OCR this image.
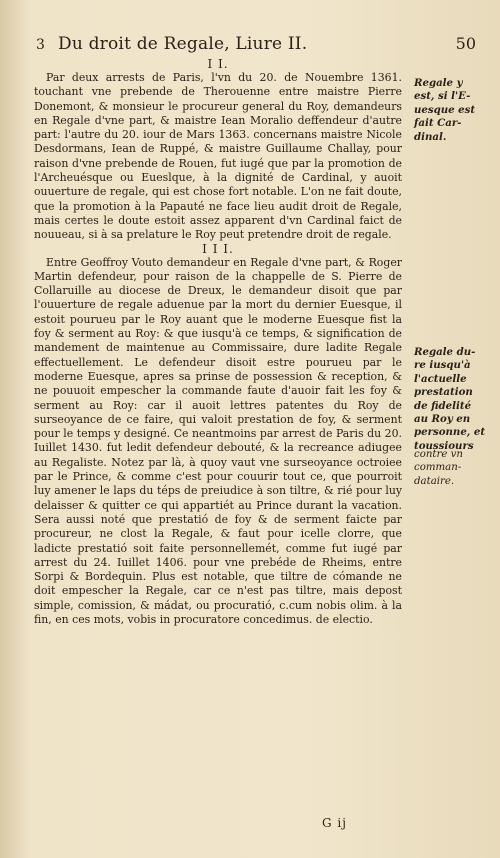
3 Du droit de Regale, Liure II.	50
I I.

Par deux arrests de Paris, l'vn du 20. de Nouembre 1361. touchant vne prebende de Therouenne entre maistre Pierre Donemont, & monsieur le procureur general du Roy, demandeurs en Regale d'vne part, & maistre Iean Moralio deffendeur d'autre part: l'autre du 20. iour de Mars 1363. concernans maistre Nicole Desdormans, Iean de Ruppé, & maistre Guillaume Challay, pour raison d'vne prebende de Rouen, fut iugé que par la promotion de l'Archeuésque ou Eueslque, à la dignité de Cardinal, y auoit ouuerture de regale, qui est chose fort notable. L'on ne fait doute, que la promotion à la Papauté ne face lieu audit droit de Regale, mais certes le doute estoit assez apparent d'vn Cardinal faict de nouueau, si à sa prelature le Roy peut pretendre droit de regale.

I I I.

Entre Geoffroy Vouto demandeur en Regale d'vne part, & Roger Martin defendeur, pour raison de la chappelle de S. Pierre de Collaruille au diocese de Dreux, le demandeur disoit que par l'ouuerture de regale aduenue par la mort du dernier Euesque, il estoit pourueu par le Roy auant que le moderne Euesque fist la foy & serment au Roy: & que iusqu'à ce temps, & signification de mandement de maintenue au Commissaire, dure ladite Regale effectuellement. Le defendeur disoit estre pourueu par le moderne Euesque, apres sa prinse de possession & reception, & ne pouuoit empescher la commande faute d'auoir fait les foy & serment au Roy: car il auoit lettres patentes du Roy de surseoyance de ce faire, qui valoit prestation de foy, & serment pour le temps y designé. Ce neantmoins par arrest de Paris du 20. Iuillet 1430. fut ledit defendeur debouté, & la recreance adiugee au Regaliste. Notez par là, à quoy vaut vne surseoyance octroiee par le Prince, & comme c'est pour couurir tout ce, que pourroit luy amener le laps du téps de preiudice à son tiltre, & rié pour luy delaisser & quitter ce qui appartiét au Prince durant la vacation. Sera aussi noté que prestatió de foy & de serment faicte par procureur, ne clost la Regale, & faut pour icelle clorre, que ladicte prestatió soit faite personnellemét, comme fut iugé par arrest du 24. Iuillet 1406. pour vne prebéde de Rheims, entre Sorpi & Bordequin. Plus est notable, que tiltre de cómande ne doit empescher la Regale, car ce n'est pas tiltre, mais depost simple, comission, & mádat, ou procuratió, c.cum nobis olim. à la fin, en ces mots, vobis in procuratore concedimus. de electio.

Regale y
est, si l'E-
uesque est
fait Car-
dinal.
Regale du-
re iusqu'à
l'actuelle
prestation
de fidelité
au Roy en
personne, et
toussiours
contre vn
comman-
dataire.
G ij
